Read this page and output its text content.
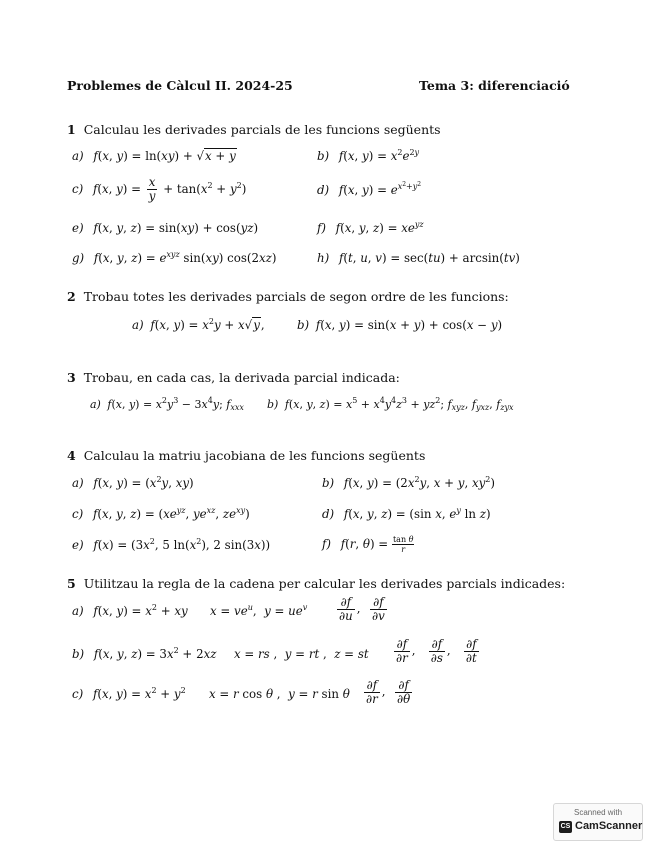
Problemes de Càlcul II. 2024-25	Tema 3: diferenciació
1 Calculau les derivades parcials de les funcions següents
a) f(x, y) = ln(xy) + √x + y	b) f(x, $y) = x^2e^{2y}$
c) f(x, $y) = \frac{x}{y} + \tan(x^2 + y^2)$	d) f(x, $y) = e^{x^2+y^2}$
e) f(x, y, z) = sin(xy) + cos(yz)	f) f(x, y, $z) = xe^{yz}$
g) f(x, y, $z) = e^{xyz}$ sin(xy) cos(2xz)	h) f(t, u, v) = sec(tu) + arcsin(tv)
2 Trobau totes les derivades parcials de segon ordre de les funcions:
a) f(x, $y) = x^2y + x√y$,	b) f(x, y) = sin(x + y) + cos(x − y)
3 Trobau, en cada cas, la derivada parcial indicada:
a) f(x, $y) = x^2y^3 - 3x^4y$; $f_{xxx}$ b) f(x, y, $z) = x^5 + x^4y^4z^3 + yz^2$; $f_{xyz}$, $f_{yxz}$, $f_{zyx}$
4 Calculau la matriu jacobiana de les funcions següents
a) f(x, $y) = (x^2y$, xy)	b) f(x, $y) = (2x^2y$, x + y, $xy^2$)
c) f(x, y, $z) = (xe^{yz}$, $ye^{xz}$, $ze^{xy}$)	d) f(x, y, z) = (sin x, $e^y$ ln z)
e) $f(x) = (3x^2$, 5 $\ln(x^2)$, 2 sin(3x))	f) f(r, $\theta) = \frac{\text{tan θ}}{r}$
5 Utilitzau la regla de la cadena per calcular les derivades parcials indicades:
a) f(x, $y) = x^2$ + xy $x = ve^u$,  $y = ue^v$	$\frac{\partial f}{\partial u}$ , $\frac{\partial f}{\partial v}$
b) f(x, y, $z) = 3x^2 + 2xz$ x = rs ,  y = rt ,  z = st $\frac{\partial f}{\partial r}$ , $\frac{\partial f}{\partial s}$ , $\frac{\partial f}{\partial t}$
c) f(x, $y) = x^2 + y^2$ x = r cos θ ,  y = r sin θ $\frac{\partial f}{\partial r}$ , $\frac{\partial f}{\partial\theta}$
Scanned with
CS CamScanner
